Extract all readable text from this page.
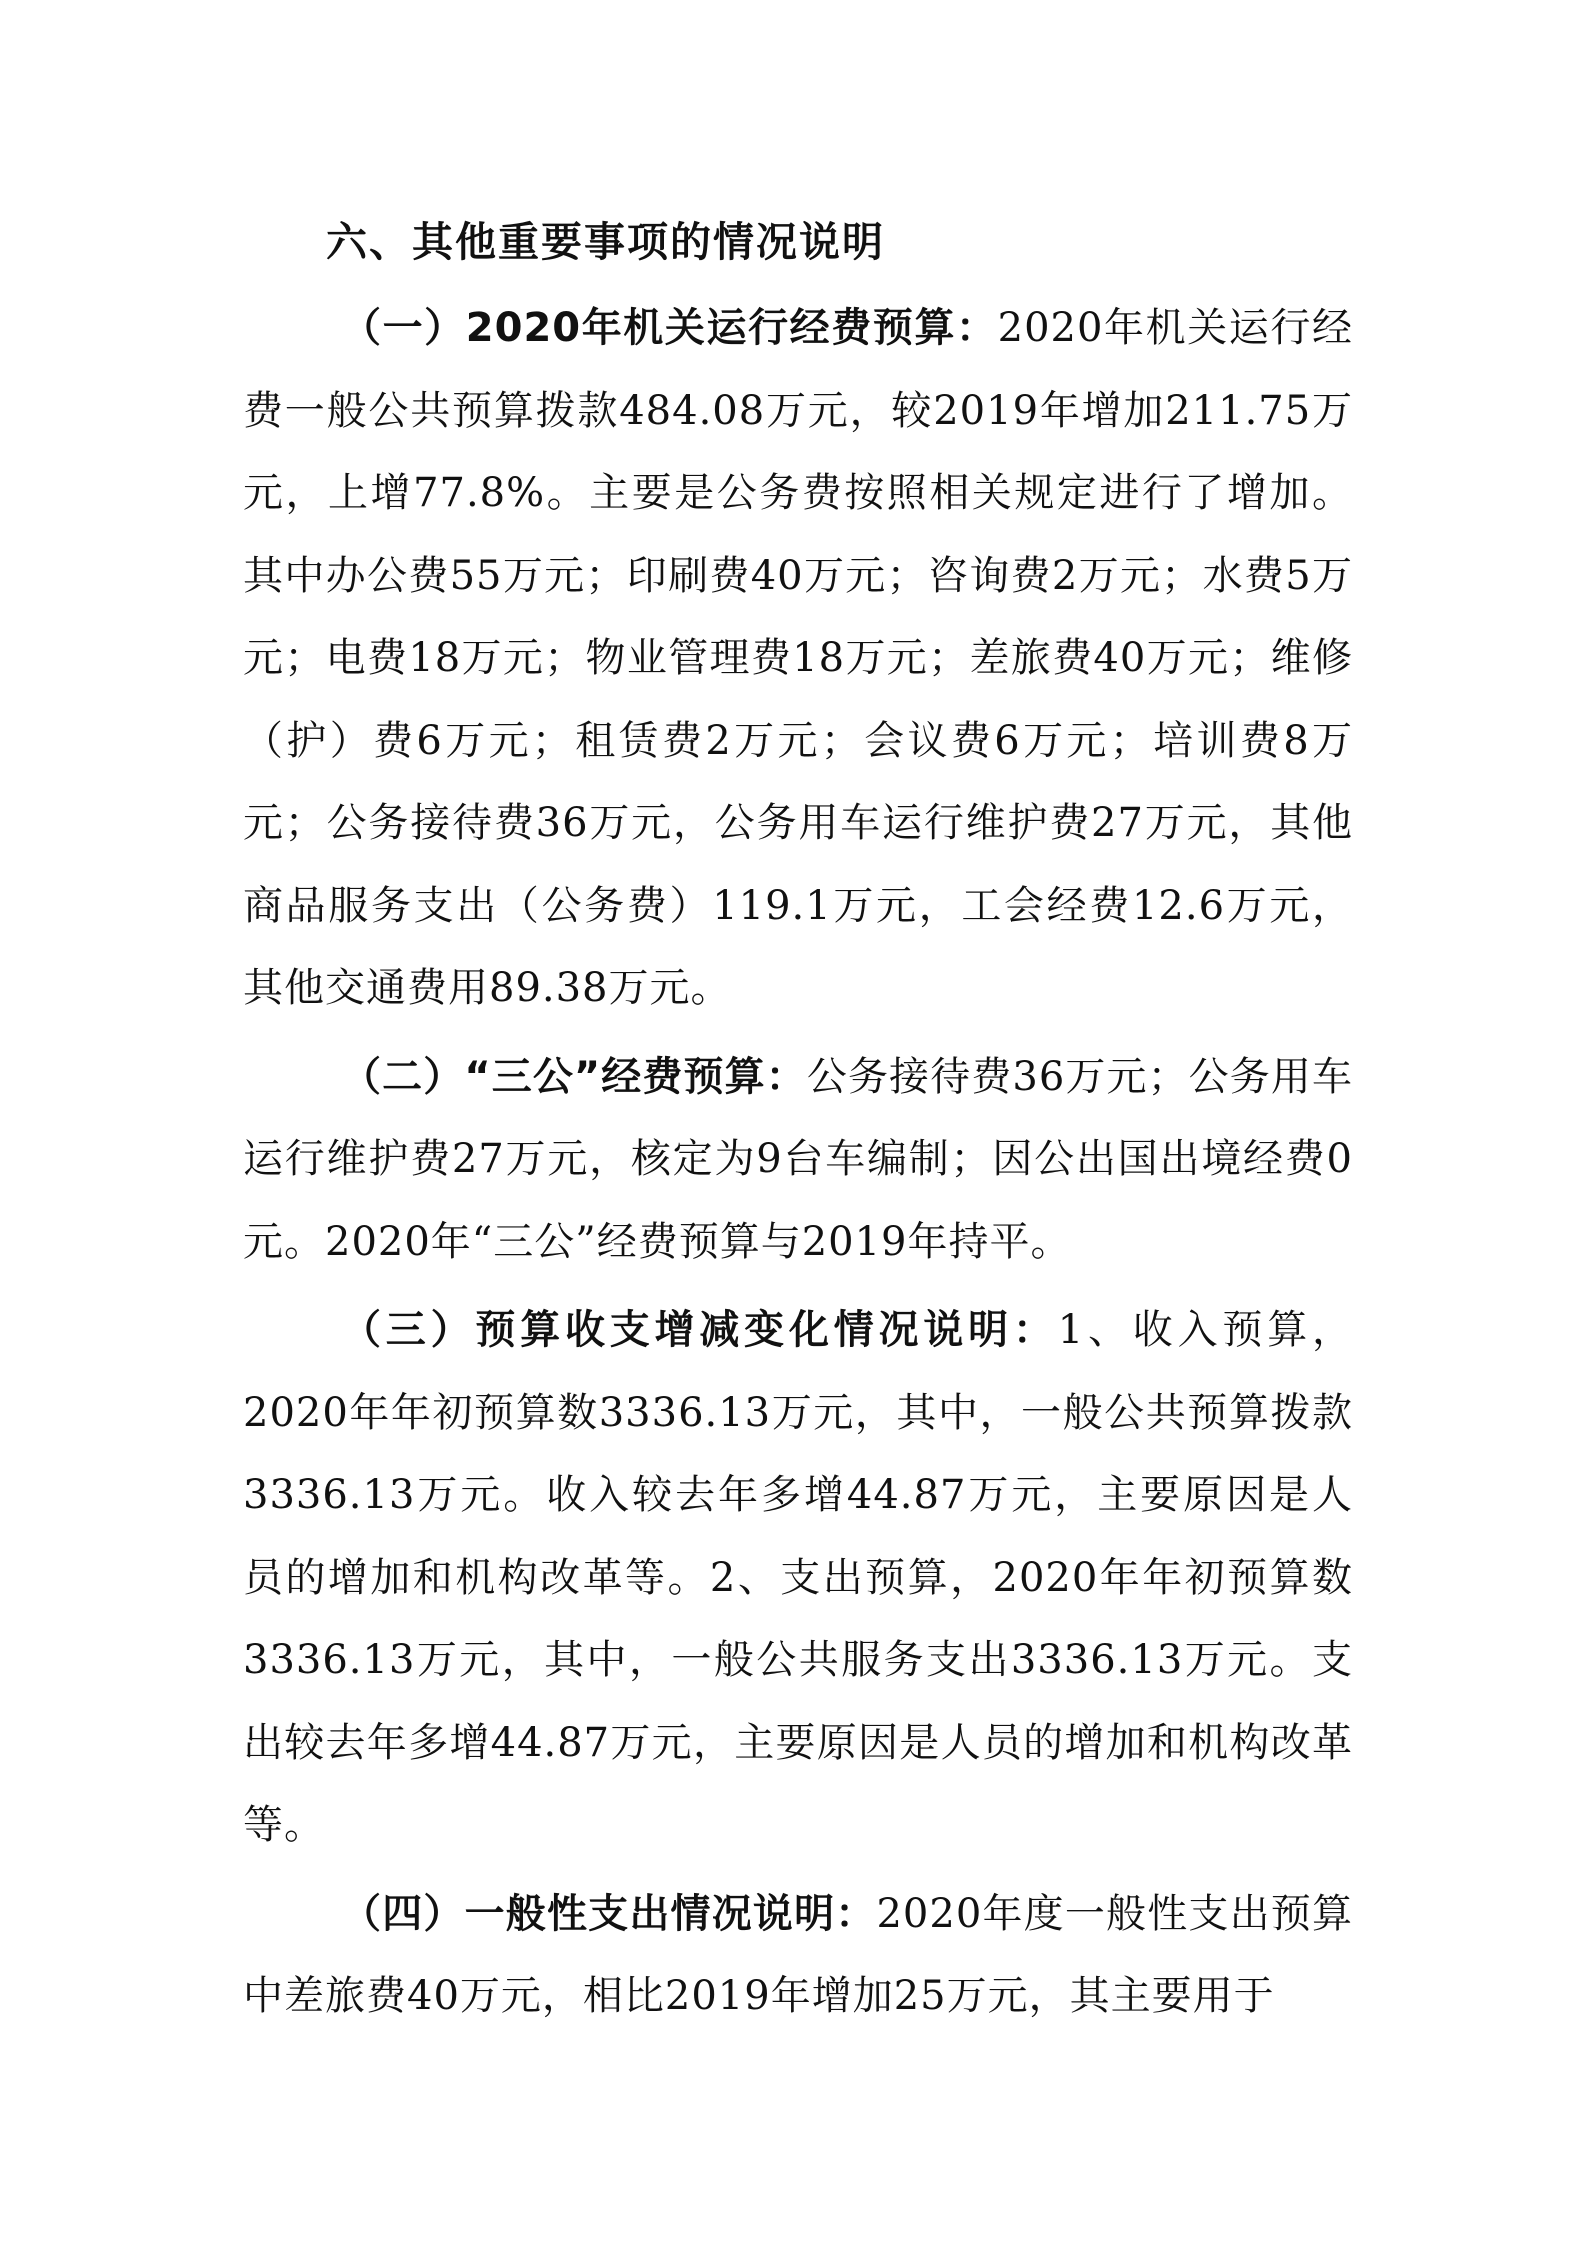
六、其他重要事项的情况说明

（一）2020年机关运行经费预算：2020年机关运行经费一般公共预算拨款484.08万元，较2019年增加211.75万元，上增77.8%。主要是公务费按照相关规定进行了增加。其中办公费55万元；印刷费40万元；咨询费2万元；水费5万元；电费18万元；物业管理费18万元；差旅费40万元；维修（护）费6万元；租赁费2万元；会议费6万元；培训费8万元；公务接待费36万元，公务用车运行维护费27万元，其他商品服务支出（公务费）119.1万元，工会经费12.6万元，其他交通费用89.38万元。

（二）“三公”经费预算：公务接待费36万元；公务用车运行维护费27万元，核定为9台车编制；因公出国出境经费0元。2020年“三公”经费预算与2019年持平。

（三）预算收支增减变化情况说明：1、收入预算，2020年年初预算数3336.13万元，其中，一般公共预算拨款3336.13万元。收入较去年多增44.87万元，主要原因是人员的增加和机构改革等。2、支出预算，2020年年初预算数3336.13万元，其中，一般公共服务支出3336.13万元。支出较去年多增44.87万元，主要原因是人员的增加和机构改革等。

（四）一般性支出情况说明：2020年度一般性支出预算中差旅费40万元，相比2019年增加25万元，其主要用于
